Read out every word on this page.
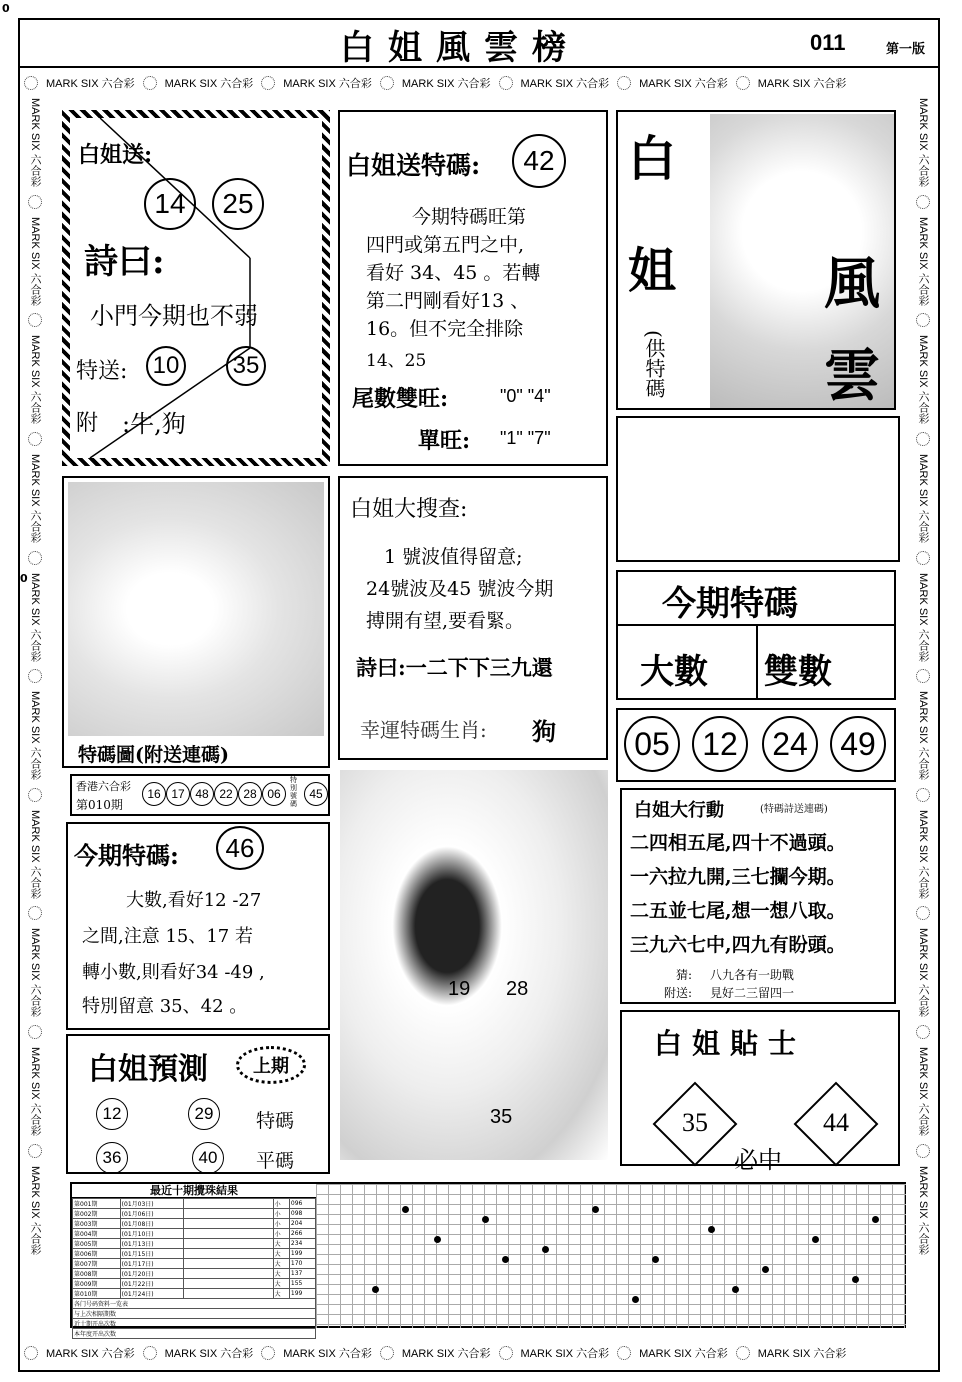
0
0
白姐風雲榜	011	第一版
MARK SIX 六合彩	MARK SIX 六合彩	MARK SIX 六合彩	MARK SIX 六合彩	MARK SIX 六合彩	MARK SIX 六合彩	MARK SIX 六合彩
MARK SIX 六合彩	MARK SIX 六合彩	MARK SIX 六合彩	MARK SIX 六合彩	MARK SIX 六合彩	MARK SIX 六合彩	MARK SIX 六合彩
MARK SIX 六合彩
MARK SIX 六合彩
MARK SIX 六合彩
MARK SIX 六合彩
MARK SIX 六合彩
MARK SIX 六合彩
MARK SIX 六合彩
MARK SIX 六合彩
MARK SIX 六合彩
MARK SIX 六合彩
MARK SIX 六合彩
MARK SIX 六合彩
MARK SIX 六合彩
MARK SIX 六合彩
MARK SIX 六合彩
MARK SIX 六合彩
MARK SIX 六合彩
MARK SIX 六合彩
MARK SIX 六合彩
MARK SIX 六合彩
白姐送:
14	25
詩曰:
小門今期也不弱
特送: 10 35
附 :牛,狗
白姐送特碼:	42
今期特碼旺第
四門或第五門之中,
看好 34、45 。若轉
第二門剛看好13 、
16。但不完全排除
14、25
尾數雙旺:	"0" "4"
單旺: "1" "7"
白
姐	風
雲
(供特碼
特碼圖(附送連碼)
白姐大搜查:
1 號波值得留意;
24號波及45 號波今期
搏開有望,要看緊。
詩曰:一二下下三九還
幸運特碼生肖: 狗
今期特碼
大數 雙數
05	12	24	49
香港六合彩
第010期
16 17 48 22 28 06
特別號碼
45
今期特碼:	46
大數,看好12 -27
之間,注意 15、17 若
轉小數,則看好34 -49 ,
特別留意 35、42 。
白姐預測	上期
12	29	特碼
36	40	平碼
19 28
35
白姐大行動	(特碼詩送連碼)
二四相五尾,四十不過頭。
一六拉九開,三七攔今期。
二五並七尾,想一想八取。
三九六七中,四九有盼頭。
猜: 八九各有一助戰
附送: 見好二三留四一
白姐貼士
35	44
必中
最近十期攪珠結果
第001期	(01月03日)		小	096
第002期	(01月06日)		小	098
第003期	(01月08日)		小	204
第004期	(01月10日)		小	266
第005期	(01月13日)		大	234
第006期	(01月15日)		大	199
第007期	(01月17日)		大	170
第008期	(01月20日)		大	137
第009期	(01月22日)		大	155
第010期	(01月24日)		大	199
各门号码资料一览表				
与上次相隔期数				
近十期开出次数				
本年度开出次数				
